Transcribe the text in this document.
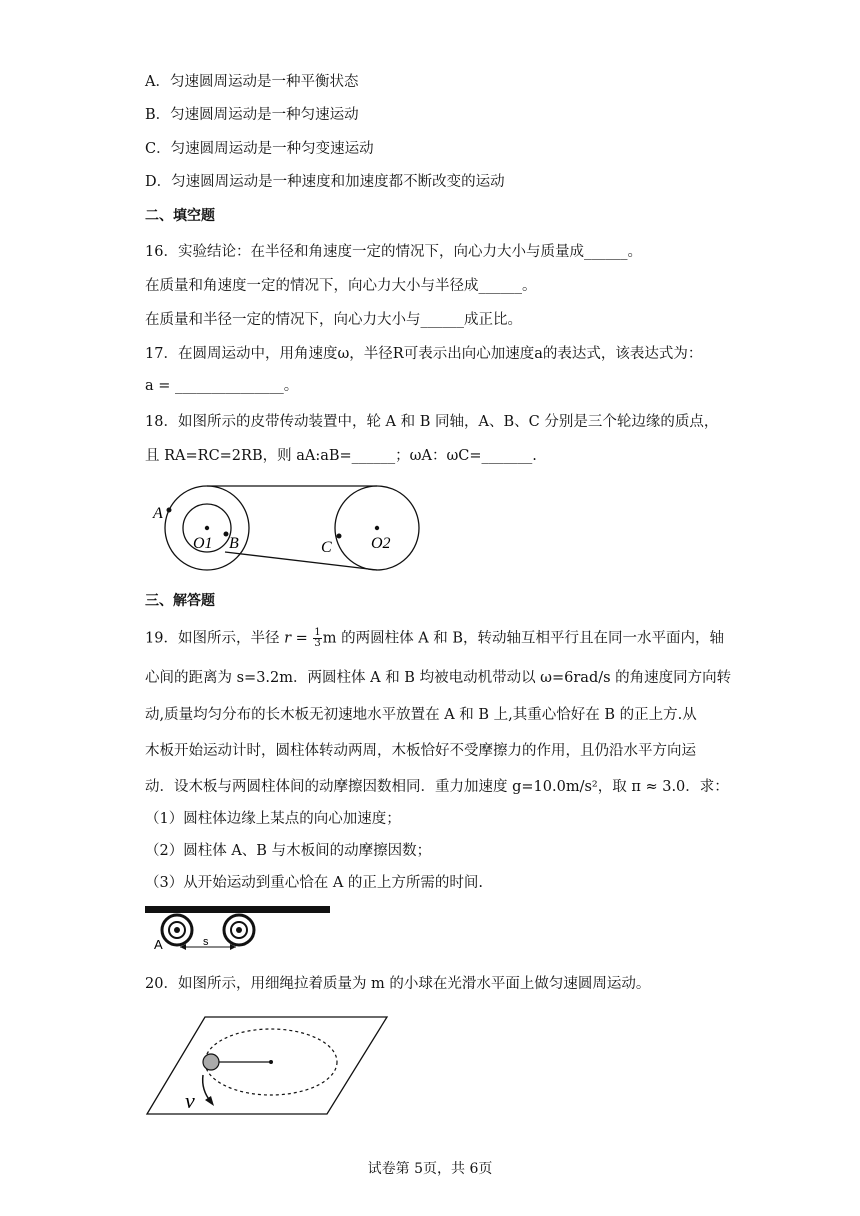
A．匀速圆周运动是一种平衡状态
B．匀速圆周运动是一种匀速运动
C．匀速圆周运动是一种匀变速运动
D．匀速圆周运动是一种速度和加速度都不断改变的运动
二、填空题
16．实验结论：在半径和角速度一定的情况下，向心力大小与质量成______。
在质量和角速度一定的情况下，向心力大小与半径成______。
在质量和半径一定的情况下，向心力大小与______成正比。
17．在圆周运动中，用角速度ω，半径R可表示出向心加速度a的表达式，该表达式为：
a = _______________。
18．如图所示的皮带传动装置中，轮 A 和 B 同轴，A、B、C 分别是三个轮边缘的质点，
且 RA=RC=2RB，则 aA:aB=______；ωA：ωC=_______.
A
O1 B	C O2
三、解答题
19．如图所示，半径 $r = \frac{1}{3}$ m 的两圆柱体 A 和 B，转动轴互相平行且在同一水平面内，轴
心间的距离为 s=3.2m．两圆柱体 A 和 B 均被电动机带动以 ω=6rad/s 的角速度同方向转
动,质量均匀分布的长木板无初速地水平放置在 A 和 B 上,其重心恰好在 B 的正上方.从
木板开始运动计时，圆柱体转动两周，木板恰好不受摩擦力的作用，且仍沿水平方向运
动．设木板与两圆柱体间的动摩擦因数相同．重力加速度 g=10.0m/s²，取 π ≈ 3.0．求：
（1）圆柱体边缘上某点的向心加速度；
（2）圆柱体 A、B 与木板间的动摩擦因数；
（3）从开始运动到重心恰在 A 的正上方所需的时间.
A	s
20．如图所示，用细绳拉着质量为 m 的小球在光滑水平面上做匀速圆周运动。
v
试卷第 5页，共 6页
